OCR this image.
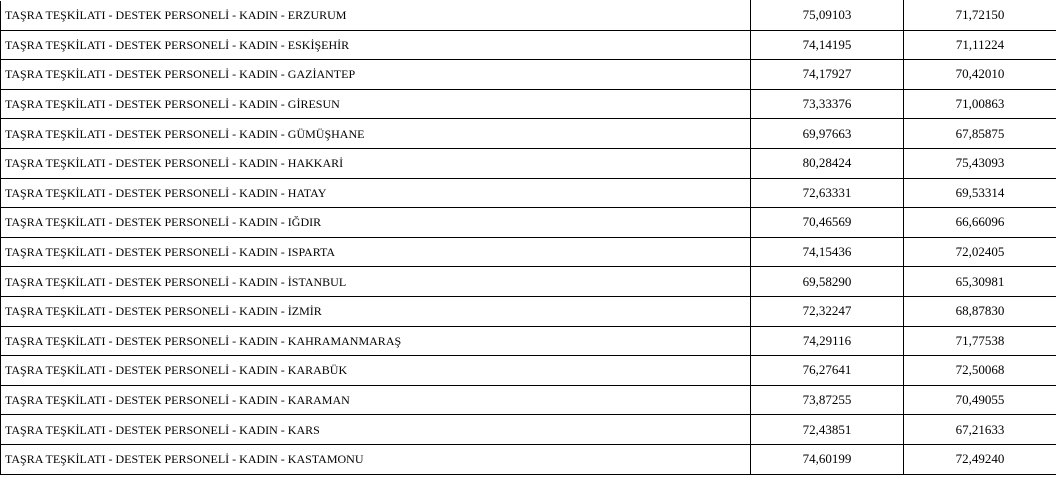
TAŞRA TEŞKİLATI - DESTEK PERSONELİ - KADIN - ERZURUM	75,09103	71,72150
TAŞRA TEŞKİLATI - DESTEK PERSONELİ - KADIN - ESKİŞEHİR	74,14195	71,11224
TAŞRA TEŞKİLATI - DESTEK PERSONELİ - KADIN - GAZİANTEP	74,17927	70,42010
TAŞRA TEŞKİLATI - DESTEK PERSONELİ - KADIN - GİRESUN	73,33376	71,00863
TAŞRA TEŞKİLATI - DESTEK PERSONELİ - KADIN - GÜMÜŞHANE	69,97663	67,85875
TAŞRA TEŞKİLATI - DESTEK PERSONELİ - KADIN - HAKKARİ	80,28424	75,43093
TAŞRA TEŞKİLATI - DESTEK PERSONELİ - KADIN - HATAY	72,63331	69,53314
TAŞRA TEŞKİLATI - DESTEK PERSONELİ - KADIN - IĞDIR	70,46569	66,66096
TAŞRA TEŞKİLATI - DESTEK PERSONELİ - KADIN - ISPARTA	74,15436	72,02405
TAŞRA TEŞKİLATI - DESTEK PERSONELİ - KADIN - İSTANBUL	69,58290	65,30981
TAŞRA TEŞKİLATI - DESTEK PERSONELİ - KADIN - İZMİR	72,32247	68,87830
TAŞRA TEŞKİLATI - DESTEK PERSONELİ - KADIN - KAHRAMANMARAŞ	74,29116	71,77538
TAŞRA TEŞKİLATI - DESTEK PERSONELİ - KADIN - KARABÜK	76,27641	72,50068
TAŞRA TEŞKİLATI - DESTEK PERSONELİ - KADIN - KARAMAN	73,87255	70,49055
TAŞRA TEŞKİLATI - DESTEK PERSONELİ - KADIN - KARS	72,43851	67,21633
TAŞRA TEŞKİLATI - DESTEK PERSONELİ - KADIN - KASTAMONU	74,60199	72,49240
